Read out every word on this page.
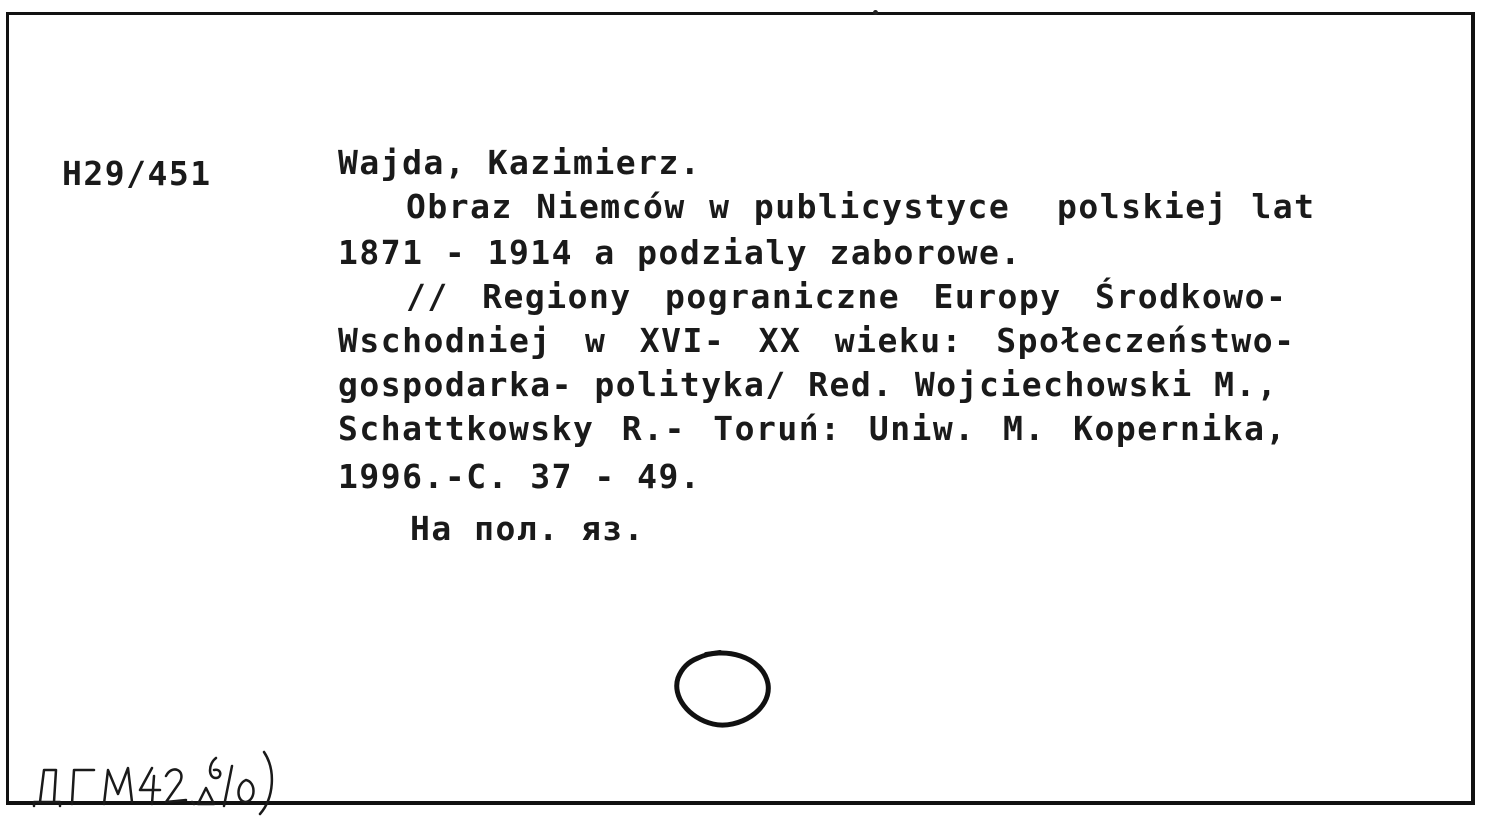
H29/451	Wajda, Kazimierz.
Obraz Niemców w publicystyce  polskiej lat
1871 - 1914 a podzialy zaborowe.
// Regiony pograniczne Europy Środkowo-
Wschodniej w XVI- XX wieku: Społeczeństwo-
gospodarka- polityka/ Red. Wojciechowski M.,
Schattkowsky R.- Toruń: Uniw. M. Kopernika,
1996.-C. 37 - 49.
На пол. яз.
